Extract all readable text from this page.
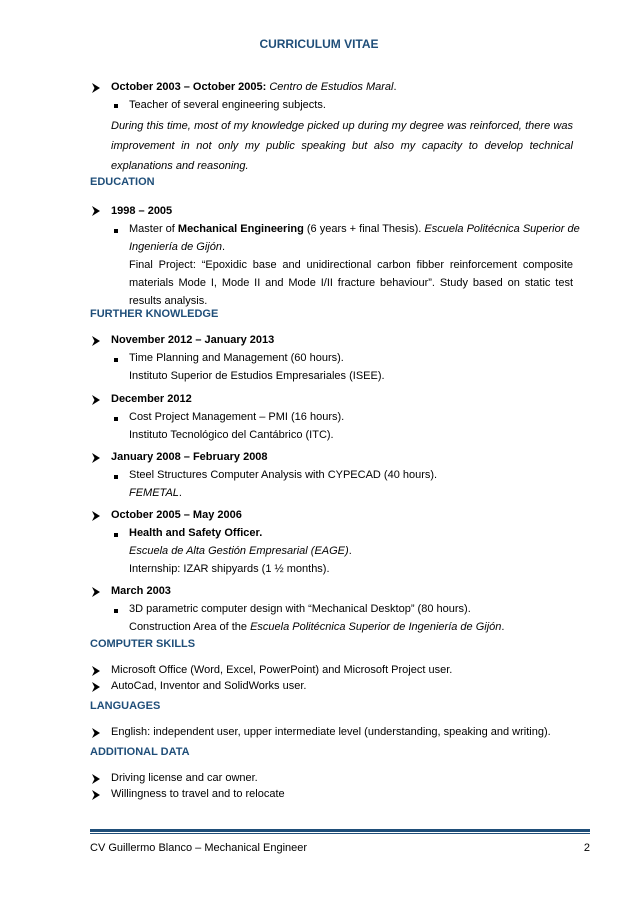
CURRICULUM VITAE
October 2003 – October 2005: Centro de Estudios Maral.
Teacher of several engineering subjects.
During this time, most of my knowledge picked up during my degree was reinforced, there was improvement in not only my public speaking but also my capacity to develop technical explanations and reasoning.
EDUCATION
1998 – 2005
Master of Mechanical Engineering (6 years + final Thesis). Escuela Politécnica Superior de
Ingeniería de Gijón.
Final Project: “Epoxidic base and unidirectional carbon fibber reinforcement composite materials Mode I, Mode II and Mode I/II fracture behaviour”. Study based on static test results analysis.
FURTHER KNOWLEDGE
November 2012 – January 2013
Time Planning and Management (60 hours).
Instituto Superior de Estudios Empresariales (ISEE).
December 2012
Cost Project Management – PMI (16 hours).
Instituto Tecnológico del Cantábrico (ITC).
January 2008 – February 2008
Steel Structures Computer Analysis with CYPECAD (40 hours).
FEMETAL.
October 2005 – May 2006
Health and Safety Officer.
Escuela de Alta Gestión Empresarial (EAGE).
Internship: IZAR shipyards (1 ½ months).
March 2003
3D parametric computer design with “Mechanical Desktop” (80 hours).
Construction Area of the Escuela Politécnica Superior de Ingeniería de Gijón.
COMPUTER SKILLS
Microsoft Office (Word, Excel, PowerPoint) and Microsoft Project user.
AutoCad, Inventor and SolidWorks user.
LANGUAGES
English: independent user, upper intermediate level (understanding, speaking and writing).
ADDITIONAL DATA
Driving license and car owner.
Willingness to travel and to relocate
CV Guillermo Blanco – Mechanical Engineer	2
